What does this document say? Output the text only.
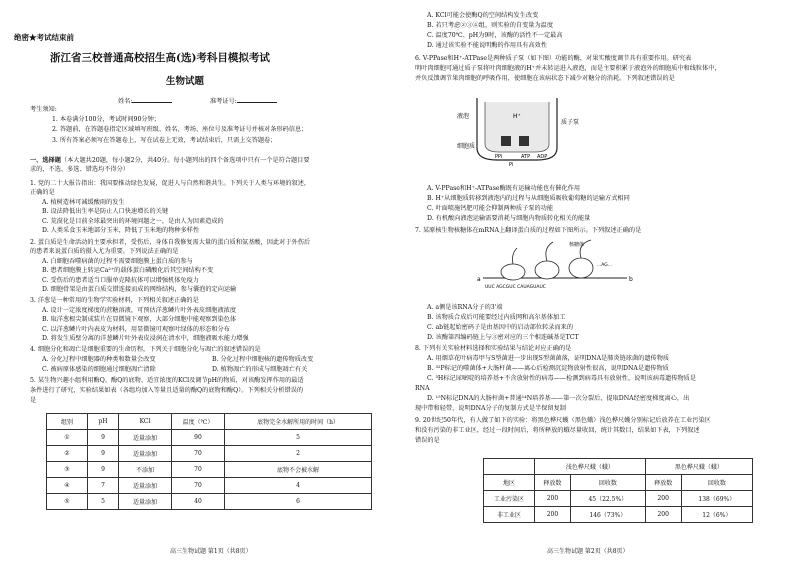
绝密★考试结束前
浙江省三校普通高校招生高(选)考科目模拟考试
生物试题
姓名:	准考证号:
考生须知:
1. 本卷满分100分，考试时间90分钟；
2. 答题前，在答题卷指定区域填写班级、姓名、考场、座位号及准考证号并核对条形码信息；
3. 所有答案必须写在答题卷上，写在试卷上无效，考试结束后，只需上交答题卷；
一、选择题（本大题共20题，每小题2分，共40分。每小题列出的四个备选项中只有一个是符合题目要
求的，不选、多选、错选均不得分）
1. 党的二十大报告指出：我国要推动绿色发展，促进人与自然和谐共生。下列关于人类与环境的叙述，
正确的是
A. 植树造林可减缓酸雨的发生
B. 设法降低出生率是防止人口快速增长的关键
C. 荒漠化是目前全球最突出的环境问题之一，是由人为因素造成的
D. 人类采食玉米地部分玉米，降低了玉米地的物种多样性
2. 蛋白质是生命活动的主要承担者，受伤后，身体自我修复需大量的蛋白质和氨基酸，因此对于外伤后
的患者来说蛋白质的摄入尤为重要。下列说法正确的是
A. 白細胞吞噬病菌的过程不需要细胞膜上蛋白质的参与
B. 患者细胞膜上转运Ca²⁺的载体蛋白磷酸化后其空间结构不变
C. 受伤后的患者适当口服单克隆抗体可以增强机体免疫力
D. 细胞骨架是由蛋白质交错连接而成的网络结构，参与囊泡的定向运输
3. 洋葱是一种常用的生物学实验材料，下列相关叙述正确的是
A. 设计一定浓度梯度的蔗糖溶液，可预估洋葱鳞片叶外表皮细胞液浓度
B. 取洋葱根尖制成装片在显微镜下观察，大部分细胞中能观察到染色体
C. 以洋葱鳞片叶内表皮为材料，用显微镜可观察叶绿体的形态和分布
D. 将发生质壁分离的洋葱鳞片叶外表皮浸润在清水中，细胞液吸水能力增强
4. 细胞分化和凋亡是细胞重要的生命历程，下列关于细胞分化与凋亡的叙述错误的是
A. 分化过程中细胞器的种类和数量会改变	B. 分化过程中细胞核的遗传物质改变
C. 被病原体感染的细胞通过细胞凋亡清除	D. 植物凋亡的形成与细胞凋亡有关
5. 某生物兴趣小组利用酶Q、酶Q的底物、适宜浓度的KCl及调节pH的物质，对该酶发挥作用的最适
条件进行了研究，实验结果如表（各组均加入等量且适量的酶Q的底物和酶Q）。下列相关分析错误的
是
组别	pH	KCl	温度（℃）	底物完全水解所用的时间（h）
①	9	适量添加	90	5
②	9	适量添加	70	2
③	9	不添加	70	底物不会被水解
④	7	适量添加	70	4
⑤	5	适量添加	40	6
高三生物试题 第1页（共8页）
A. KCl可能会使酶Q的空间结构发生改变
B. 若只考虑②③④组，则实验的自变量为温度
C. 温度70℃、pH为9时，该酶的活性不一定最高
D. 通过该实验不能说明酶的作用具有高效性
6. V-PPase和H⁺-ATPase是两种质子泵（如下图）功能的酶，对果实酸度调节具有重要作用。研究表
明叶肉细胞可通过质子泵将叶肉细胞液的H⁺并未转运进入液泡，而是主要积累于液泡外的细胞质中和线粒体中，
并负反馈调节果肉细胞的呼吸作用，使细胞在该病状态下减少对糖分的消耗。下列叙述错误的是
液泡
细胞质
质子泵
H⁺
PPi
Pi
ATP ADP
A. V-PPase和H⁺-ATPase酶既有运输功能也有催化作用
B. H⁺从细胞质转移到液泡内的过程与从细胞质吸收葡萄糖的运输方式相同
C. 叶面喷施钙肥可能会抑制两种质子泵的功能
D. 有机酸向液泡运输需要消耗与细胞内物质转化相关的能量
7. 某原核生物核糖体在mRNA上翻译蛋白质的过程如下图所示。下列叙述正确的是
核糖体
UUC AGCGUC CAUAGUAUC
a	b
...AG...
A. a侧是该RNA分子的3'端
B. 该物质合成后可能要经过内质网和高尔基体加工
C. ab链起始密码子是由基因中的启动部位转录而来的
D. 该酶第四编码链上与③密对应的三个相连碱基是TCT
8. 下列有关实验材料选择和实验结果与结论对应正确的是
A. 用烟草花叶病毒甲与S型菌进一步出现S型菌菌落，证明DNA是肺炎链球菌的遗传物质
B. ³²P标记的噬菌体+大肠杆菌——离心后检测沉淀物放射性很高，说明DNA是遗传物质
C. ³H标记尿嘧啶的培养基+不含放射性的病毒——检测到病毒具有放射性，说明该病毒遗传物质是
RNA
D. ¹⁵N标记DNA的大肠杆菌+普通¹⁴N培养基——第一次分裂后，提取DNA经密度梯度离心，出
现中带和轻带，说明DNA分子的复制方式是半保留复制
9. 20世纪50年代，有人做了如下的实验：将黑色桦尺蠖（黑色蛾）浅色桦尺蠖分别标记后放养在工业污染区
和没有污染的非工业区，经过一段时间后，将所释放的蛾尽量收回，统计其数目，结果如下表，下列叙述
错误的是
	浅色桦尺蛾（蛾）		黑色桦尺蛾（蛾）	
地区	释放数	回收数	释放数	回收数
工业污染区	200	45（22.5%）	200	138（69%）
非工业区	200	146（73%）	200	12（6%）
高三生物试题 第2页（共8页）
